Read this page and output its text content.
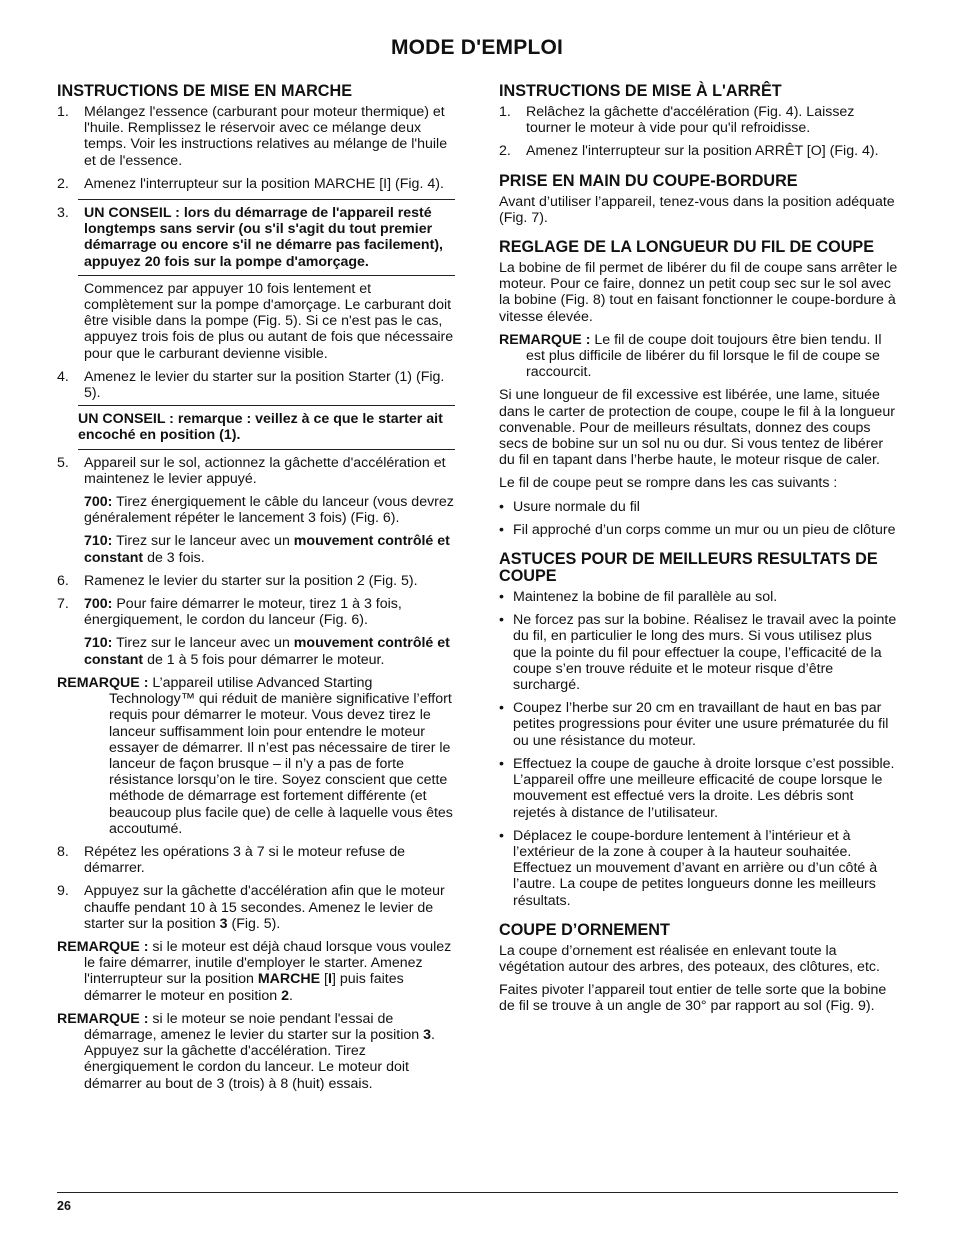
MODE D'EMPLOI
INSTRUCTIONS DE MISE EN MARCHE
1.	Mélangez l'essence (carburant pour moteur thermique) et l'huile. Remplissez le réservoir avec ce mélange deux temps. Voir les instructions relatives au mélange de l'huile et de l'essence.
2.	Amenez l'interrupteur sur la position MARCHE [I] (Fig. 4).
3.	UN CONSEIL : lors du démarrage de l'appareil resté longtemps sans servir (ou s'il s'agit du tout premier démarrage ou encore s'il ne démarre pas facilement), appuyez 20 fois sur la pompe d'amorçage.

Commencez par appuyer 10 fois lentement et complètement sur la pompe d'amorçage. Le carburant doit être visible dans la pompe (Fig. 5). Si ce n'est pas le cas, appuyez trois fois de plus ou autant de fois que nécessaire pour que le carburant devienne visible.

4.	Amenez le levier du starter sur la position Starter (1) (Fig. 5).
UN CONSEIL : remarque : veillez à ce que le starter ait encoché en position (1).
5.	Appareil sur le sol, actionnez la gâchette d'accélération et maintenez le levier appuyé.

700: Tirez énergiquement le câble du lanceur (vous devrez généralement répéter le lancement 3 fois) (Fig. 6).

710: Tirez sur le lanceur avec un mouvement contrôlé et constant de 3 fois.

6.	Ramenez le levier du starter sur la position 2 (Fig. 5).
7.	700: Pour faire démarrer le moteur, tirez 1 à 3 fois, énergiquement, le cordon du lanceur (Fig. 6).

710: Tirez sur le lanceur avec un mouvement contrôlé et constant de 1 à 5 fois pour démarrer le moteur.

REMARQUE : L’appareil utilise Advanced Starting Technology™ qui réduit de manière significative l’effort requis pour démarrer le moteur. Vous devez tirez le lanceur suffisamment loin pour entendre le moteur essayer de démarrer. Il n’est pas nécessaire de tirer le lanceur de façon brusque – il n’y a pas de forte résistance lorsqu’on le tire. Soyez conscient que cette méthode de démarrage est fortement différente (et beaucoup plus facile que) de celle à laquelle vous êtes accoutumé.

8.	Répétez les opérations 3 à 7 si le moteur refuse de démarrer.
9.	Appuyez sur la gâchette d'accélération afin que le moteur chauffe pendant 10 à 15 secondes. Amenez le levier de starter sur la position 3 (Fig. 5).

REMARQUE : si le moteur est déjà chaud lorsque vous voulez le faire démarrer, inutile d'employer le starter. Amenez l'interrupteur sur la position MARCHE [I] puis faites démarrer le moteur en position 2.

REMARQUE : si le moteur se noie pendant l'essai de démarrage, amenez le levier du starter sur la position 3. Appuyez sur la gâchette d'accélération. Tirez énergiquement le cordon du lanceur. Le moteur doit démarrer au bout de 3 (trois) à 8 (huit) essais.

INSTRUCTIONS DE MISE À L'ARRÊT
1.	Relâchez la gâchette d'accélération (Fig. 4). Laissez tourner le moteur à vide pour qu'il refroidisse.
2.	Amenez l'interrupteur sur la position ARRÊT [O] (Fig. 4).
PRISE EN MAIN DU COUPE-BORDURE

Avant d’utiliser l’appareil, tenez-vous dans la position adéquate (Fig. 7).

REGLAGE DE LA LONGUEUR DU FIL DE COUPE

La bobine de fil permet de libérer du fil de coupe sans arrêter le moteur. Pour ce faire, donnez un petit coup sec sur le sol avec la bobine (Fig. 8) tout en faisant fonctionner le coupe-bordure à vitesse élevée.

REMARQUE : Le fil de coupe doit toujours être bien tendu. Il est plus difficile de libérer du fil lorsque le fil de coupe se raccourcit.

Si une longueur de fil excessive est libérée, une lame, située dans le carter de protection de coupe, coupe le fil à la longueur convenable. Pour de meilleurs résultats, donnez des coups secs de bobine sur un sol nu ou dur. Si vous tentez de libérer du fil en tapant dans l’herbe haute, le moteur risque de caler.

Le fil de coupe peut se rompre dans les cas suivants :

• Usure normale du fil
• Fil approché d’un corps comme un mur ou un pieu de clôture
ASTUCES POUR DE MEILLEURS RESULTATS DE COUPE
• Maintenez la bobine de fil parallèle au sol.
• Ne forcez pas sur la bobine. Réalisez le travail avec la pointe du fil, en particulier le long des murs. Si vous utilisez plus que la pointe du fil pour effectuer la coupe, l’efficacité de la coupe s’en trouve réduite et le moteur risque d’être surchargé.
• Coupez l’herbe sur 20 cm en travaillant de haut en bas par petites progressions pour éviter une usure prématurée du fil ou une résistance du moteur.
• Effectuez la coupe de gauche à droite lorsque c’est possible. L’appareil offre une meilleure efficacité de coupe lorsque le mouvement est effectué vers la droite. Les débris sont rejetés à distance de l’utilisateur.
• Déplacez le coupe-bordure lentement à l’intérieur et à l’extérieur de la zone à couper à la hauteur souhaitée. Effectuez un mouvement d’avant en arrière ou d’un côté à l’autre. La coupe de petites longueurs donne les meilleurs résultats.
COUPE D’ORNEMENT

La coupe d’ornement est réalisée en enlevant toute la végétation autour des arbres, des poteaux, des clôtures, etc.

Faites pivoter l’appareil tout entier de telle sorte que la bobine de fil se trouve à un angle de 30° par rapport au sol (Fig. 9).

26
